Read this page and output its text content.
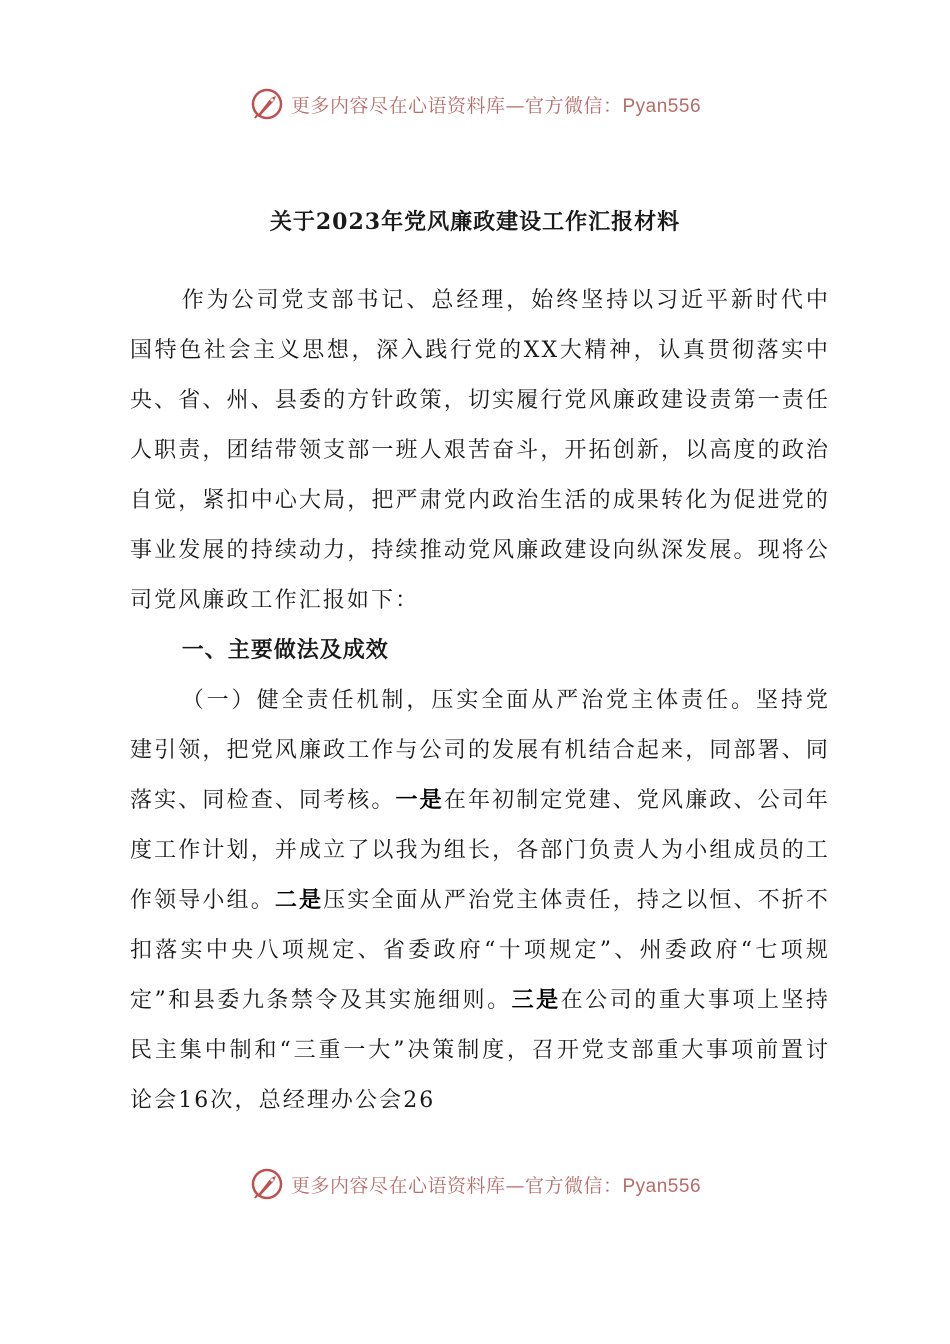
更多内容尽在心语资料库—官方微信：Pyan556
关于2023年党风廉政建设工作汇报材料

作为公司党支部书记、总经理，始终坚持以习近平新时代中国特色社会主义思想，深入践行党的XX大精神，认真贯彻落实中央、省、州、县委的方针政策，切实履行党风廉政建设责第一责任人职责，团结带领支部一班人艰苦奋斗，开拓创新，以高度的政治自觉，紧扣中心大局，把严肃党内政治生活的成果转化为促进党的事业发展的持续动力，持续推动党风廉政建设向纵深发展。现将公司党风廉政工作汇报如下：

一、主要做法及成效

（一）健全责任机制，压实全面从严治党主体责任。坚持党建引领，把党风廉政工作与公司的发展有机结合起来，同部署、同落实、同检查、同考核。一是在年初制定党建、党风廉政、公司年度工作计划，并成立了以我为组长，各部门负责人为小组成员的工作领导小组。二是压实全面从严治党主体责任，持之以恒、不折不扣落实中央八项规定、省委政府“十项规定”、州委政府“七项规定”和县委九条禁令及其实施细则。三是在公司的重大事项上坚持民主集中制和“三重一大”决策制度，召开党支部重大事项前置讨论会16次，总经理办公会26

更多内容尽在心语资料库—官方微信：Pyan556
